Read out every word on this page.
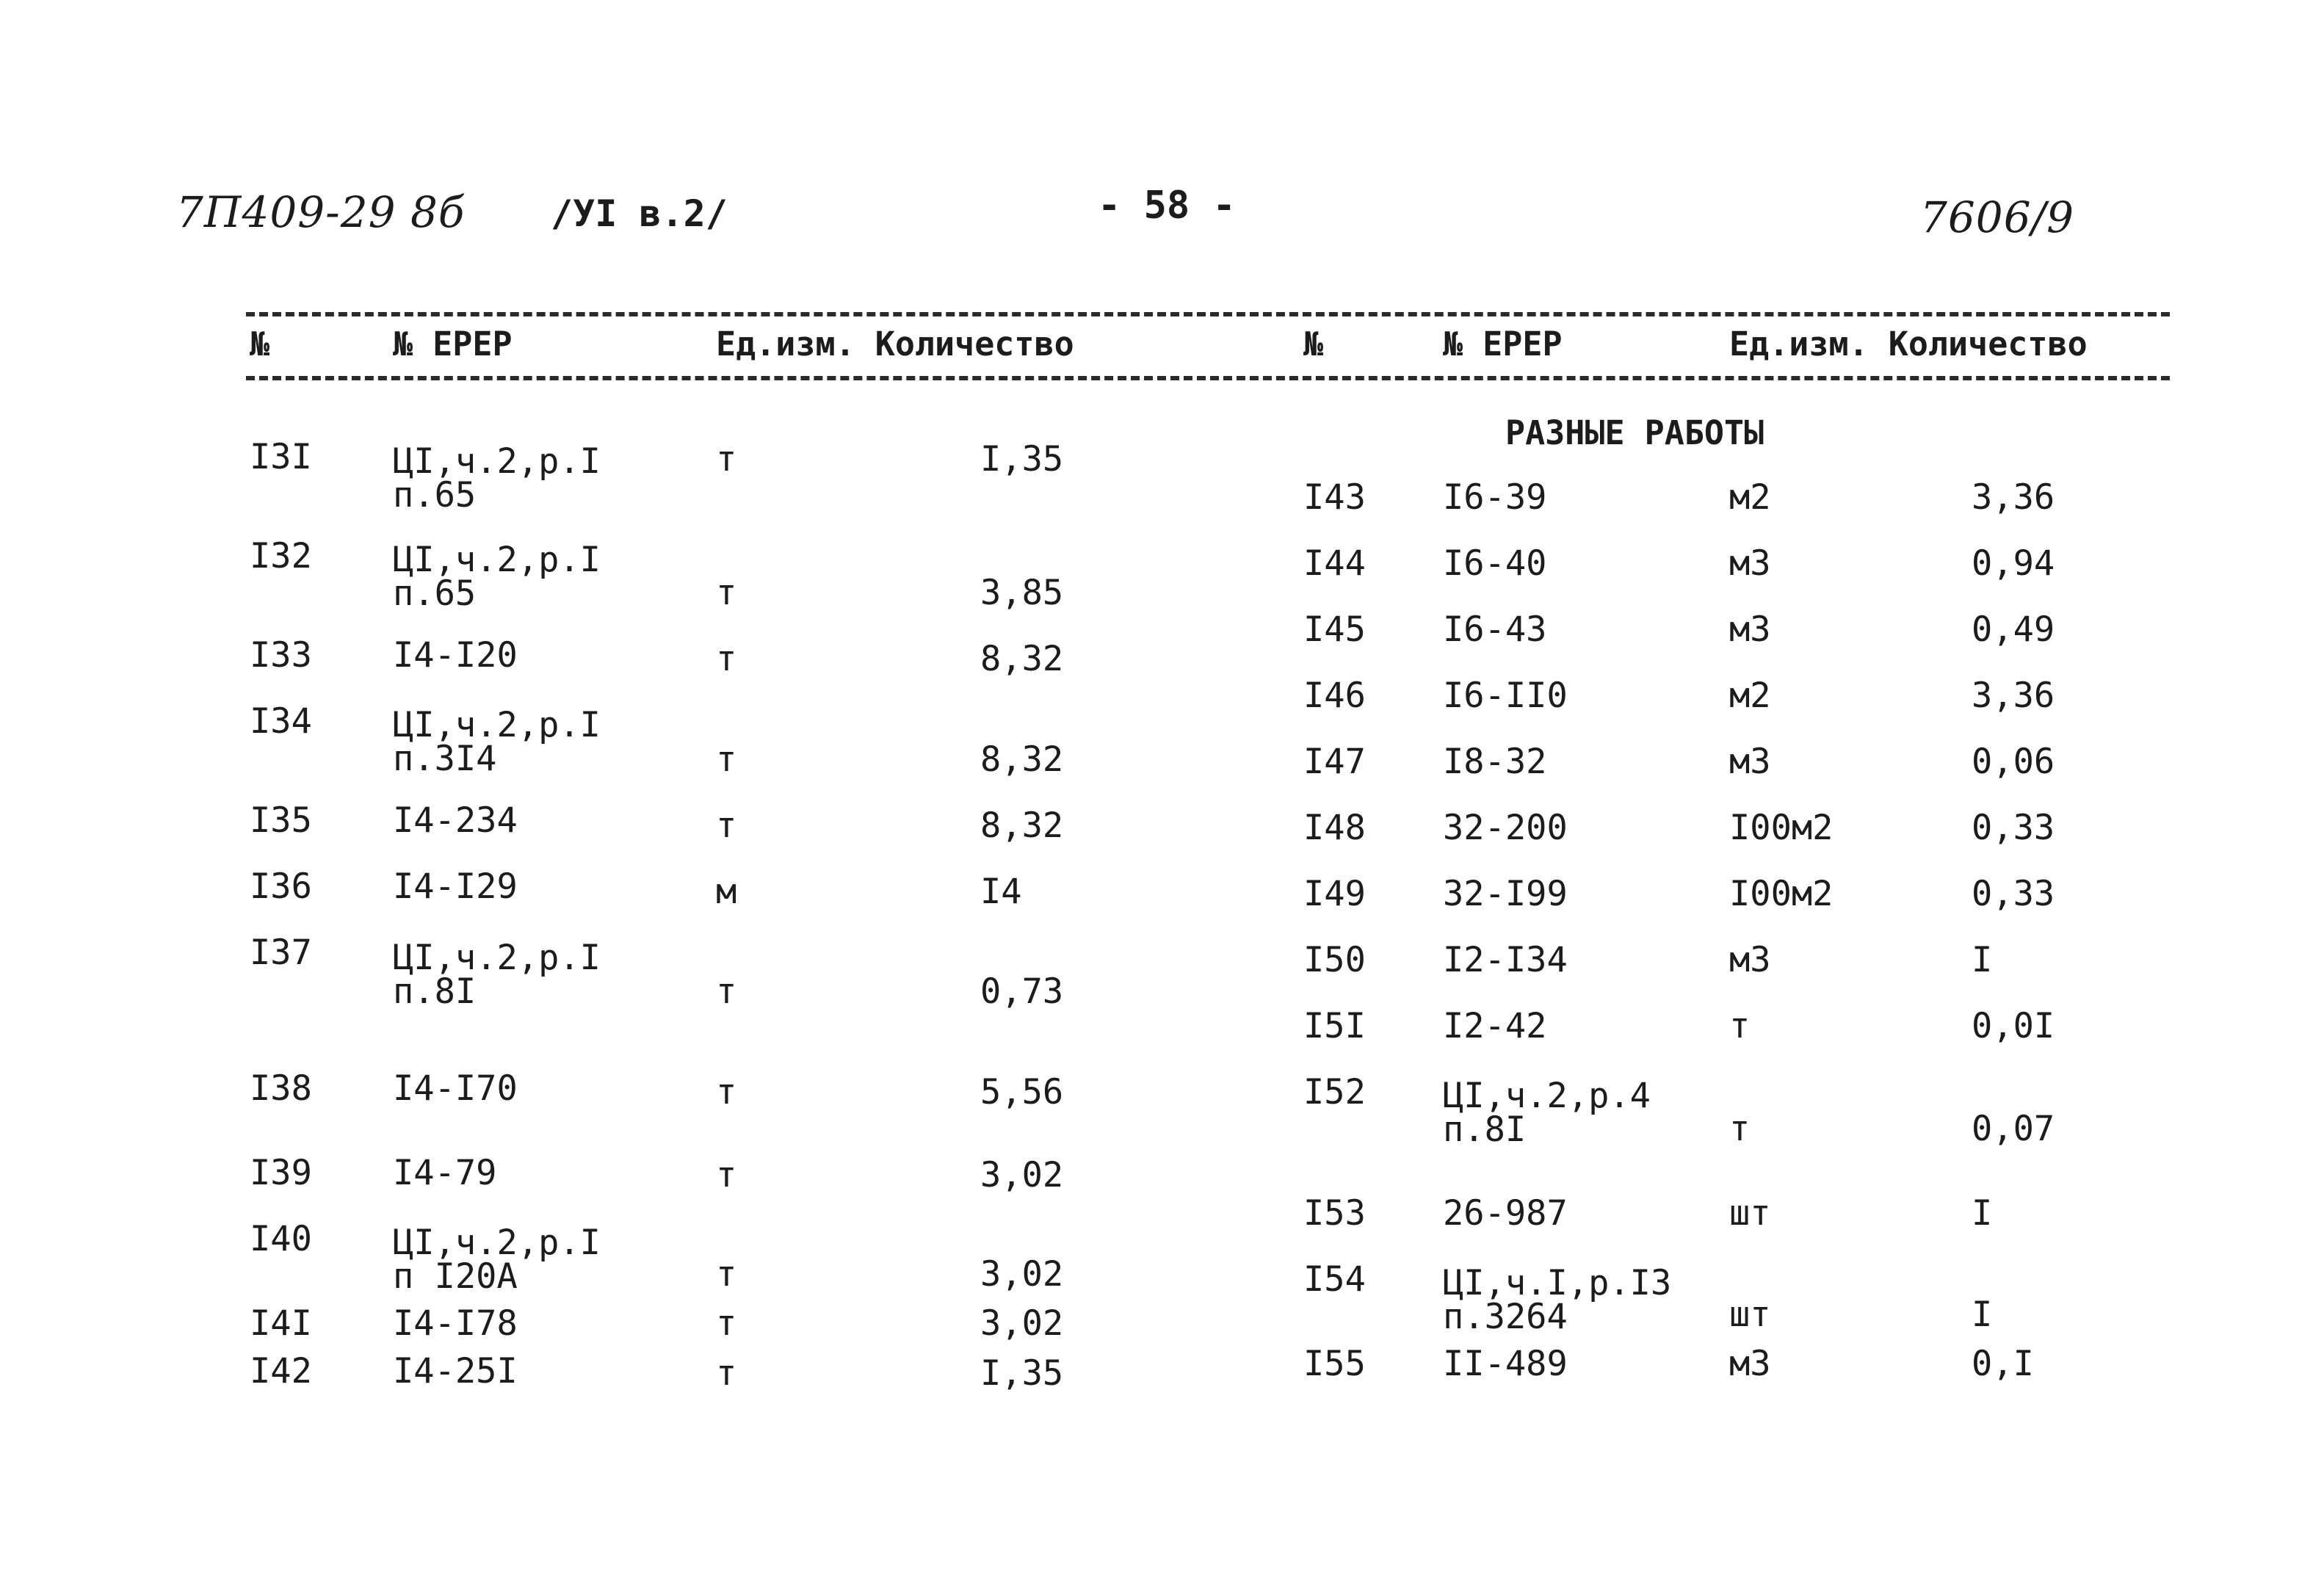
7П409-29 8б /УI в.2/	- 58 -	7606/9
№	№ ЕРЕР	Ед.изм. Количество	№	№ ЕРЕР	Ед.изм. Количество
РАЗНЫЕ РАБОТЫ
I3I ЦI,ч.2,р.I
п.65
т	I,35
I32 ЦI,ч.2,р.I
п.65	т	3,85
I33 I4-I20	т	8,32
I34 ЦI,ч.2,р.I
п.3I4	т	8,32
I35 I4-234	т	8,32
I36 I4-I29	м	I4
I37 ЦI,ч.2,р.I
п.8I	т	0,73
I38 I4-I70	т	5,56
I39 I4-79	т	3,02
I40 ЦI,ч.2,р.I
п I20А	т	3,02
I4I I4-I78	т	3,02
I42 I4-25I	т	I,35
I43 I6-39	м2	3,36
I44 I6-40	м3	0,94
I45 I6-43	м3	0,49
I46 I6-II0	м2	3,36
I47 I8-32	м3	0,06
I48 32-200	I00м2	0,33
I49 32-I99	I00м2	0,33
I50 I2-I34	м3	I
I5I I2-42	т	0,0I
I52 ЦI,ч.2,р.4
п.8I	т	0,07
I53 26-987	шт	I
I54 ЦI,ч.I,р.I3
п.3264	шт	I
I55 II-489	м3	0,I
